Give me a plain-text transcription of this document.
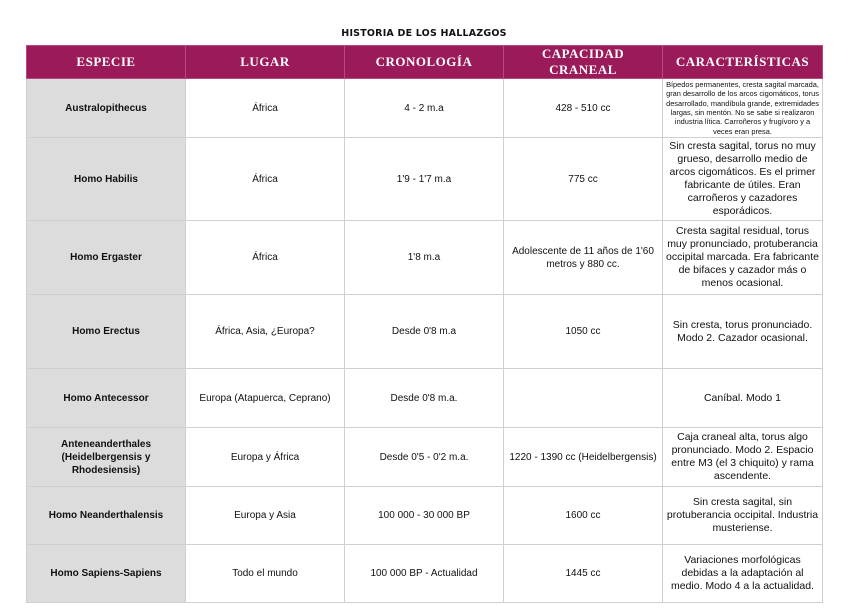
HISTORIA DE LOS HALLAZGOS
ESPECIE	LUGAR	CRONOLOGÍA	CAPACIDAD CRANEAL	CARACTERÍSTICAS
Australopithecus	África	4 - 2 m.a	428 - 510 cc	Bípedos permanentes, cresta sagital marcada, gran desarrollo de los arcos cigomáticos, torus desarrollado, mandíbula grande, extremidades largas, sin mentón. No se sabe si realizaron industria lítica. Carroñeros y frugívoro y a veces eran presa.
Homo Habilis	África	1'9 - 1'7 m.a	775 cc	Sin cresta sagital, torus no muy grueso, desarrollo medio de arcos cigomáticos. Es el primer fabricante de útiles. Eran carroñeros y cazadores esporádicos.
Homo Ergaster	África	1'8 m.a	Adolescente de 11 años de 1'60 metros y 880 cc.	Cresta sagital residual, torus muy pronunciado, protuberancia occipital marcada. Era fabricante de bifaces y cazador más o menos ocasional.
Homo Erectus	África, Asia, ¿Europa?	Desde 0'8 m.a	1050 cc	Sin cresta, torus pronunciado. Modo 2. Cazador ocasional.
Homo Antecessor	Europa (Atapuerca, Ceprano)	Desde 0'8 m.a.		Caníbal. Modo 1
Anteneanderthales (Heidelbergensis y Rhodesiensis)	Europa y África	Desde 0'5 - 0'2 m.a.	1220 - 1390 cc (Heidelbergensis)	Caja craneal alta, torus algo pronunciado. Modo 2. Espacio entre M3 (el 3 chiquito) y rama ascendente.
Homo Neanderthalensis	Europa y Asia	100 000 - 30 000 BP	1600 cc	Sin cresta sagital, sin protuberancia occipital. Industria musteriense.
Homo Sapiens-Sapiens	Todo el mundo	100 000 BP - Actualidad	1445 cc	Variaciones morfológicas debidas a la adaptación al medio. Modo 4 a la actualidad.
